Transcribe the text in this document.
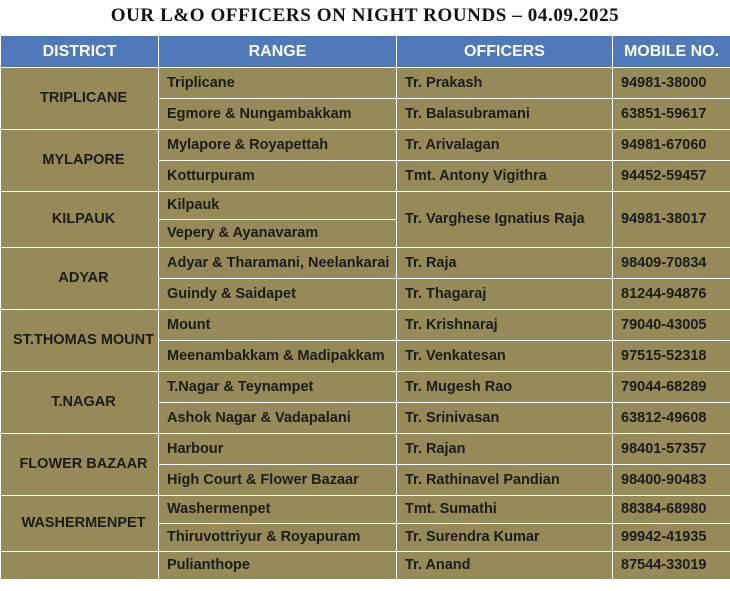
OUR L&O OFFICERS ON NIGHT ROUNDS – 04.09.2025
DISTRICT	RANGE	OFFICERS	MOBILE NO.
TRIPLICANE	Triplicane	Tr. Prakash	94981-38000
	Egmore & Nungambakkam	Tr. Balasubramani	63851-59617
MYLAPORE	Mylapore & Royapettah	Tr. Arivalagan	94981-67060
	Kotturpuram	Tmt. Antony Vigithra	94452-59457
KILPAUK	Kilpauk	Tr. Varghese Ignatius Raja	94981-38017
	Vepery & Ayanavaram		
ADYAR	Adyar & Tharamani, Neelankarai	Tr. Raja	98409-70834
	Guindy & Saidapet	Tr. Thagaraj	81244-94876
ST.THOMAS MOUNT	Mount	Tr. Krishnaraj	79040-43005
	Meenambakkam & Madipakkam	Tr. Venkatesan	97515-52318
T.NAGAR	T.Nagar & Teynampet	Tr. Mugesh Rao	79044-68289
	Ashok Nagar & Vadapalani	Tr. Srinivasan	63812-49608
FLOWER BAZAAR	Harbour	Tr. Rajan	98401-57357
	High Court & Flower Bazaar	Tr. Rathinavel Pandian	98400-90483
WASHERMENPET	Washermenpet	Tmt. Sumathi	88384-68980
	Thiruvottriyur & Royapuram	Tr. Surendra Kumar	99942-41935
	Pulianthope	Tr. Anand	87544-33019
